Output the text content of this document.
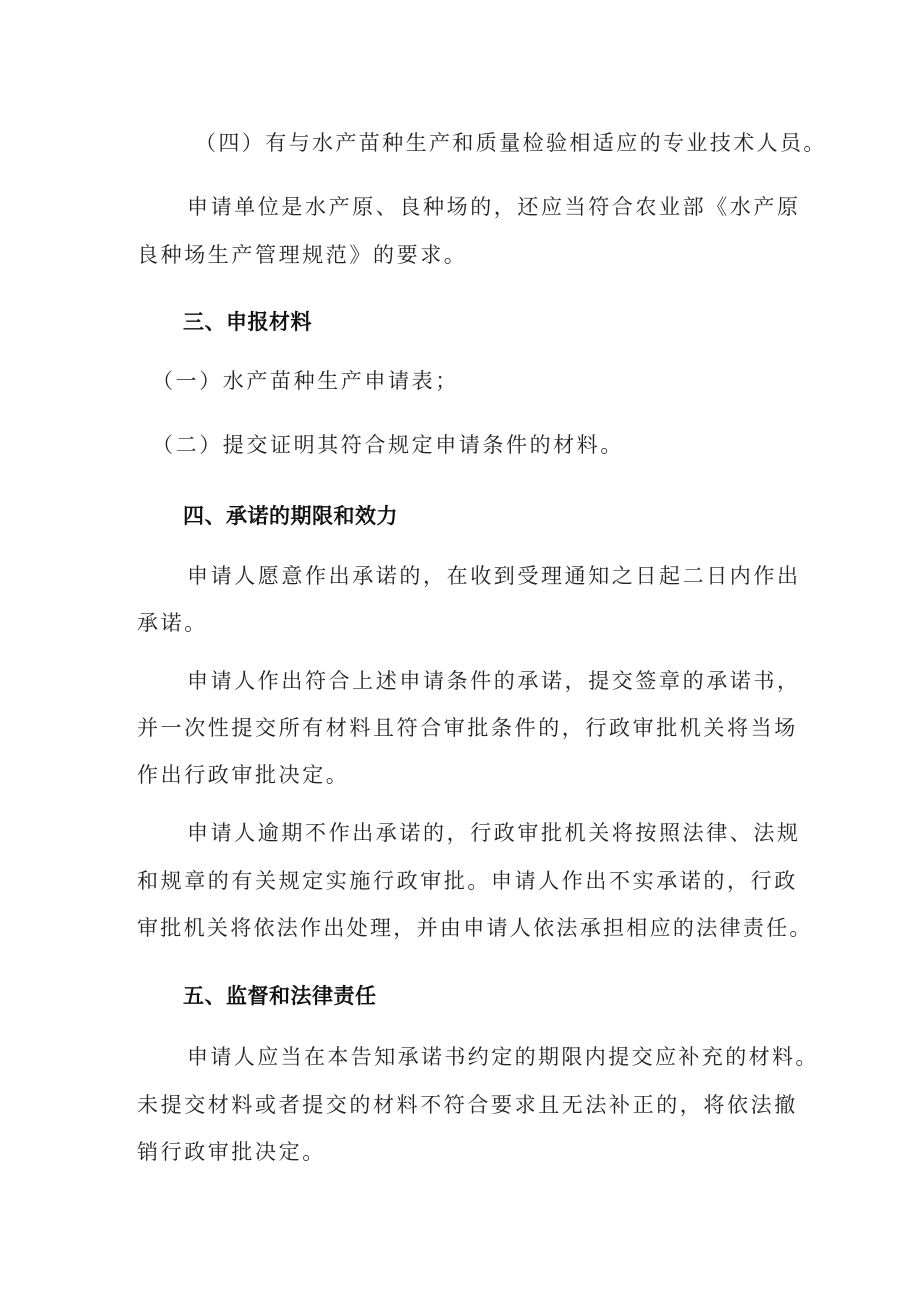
（四）有与水产苗种生产和质量检验相适应的专业技术人员。

申请单位是水产原、良种场的，还应当符合农业部《水产原

良种场生产管理规范》的要求。

三、申报材料

（一）水产苗种生产申请表；

（二）提交证明其符合规定申请条件的材料。

四、承诺的期限和效力

申请人愿意作出承诺的，在收到受理通知之日起二日内作出

承诺。

申请人作出符合上述申请条件的承诺，提交签章的承诺书，

并一次性提交所有材料且符合审批条件的，行政审批机关将当场

作出行政审批决定。

申请人逾期不作出承诺的，行政审批机关将按照法律、法规

和规章的有关规定实施行政审批。申请人作出不实承诺的，行政

审批机关将依法作出处理，并由申请人依法承担相应的法律责任。

五、监督和法律责任

申请人应当在本告知承诺书约定的期限内提交应补充的材料。

未提交材料或者提交的材料不符合要求且无法补正的，将依法撤

销行政审批决定。
